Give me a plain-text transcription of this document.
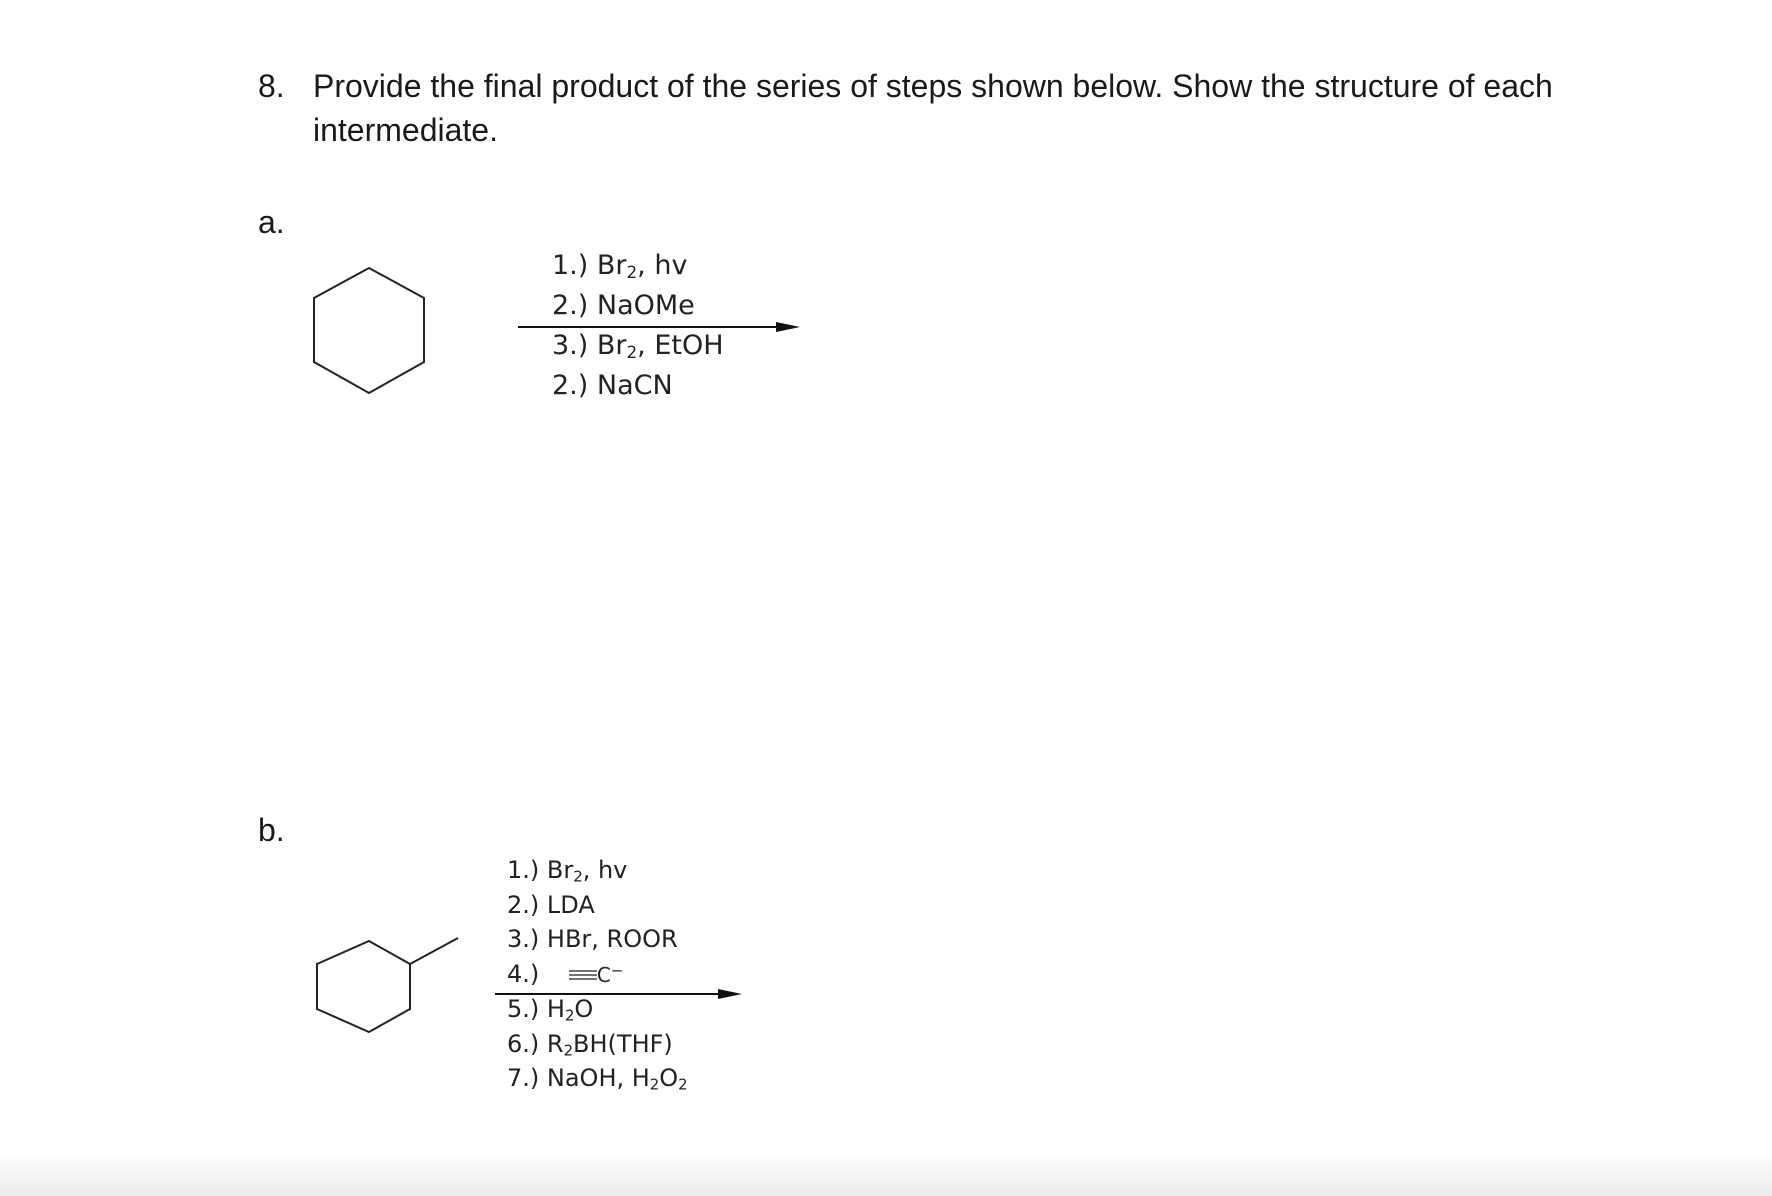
8. Provide the final product of the series of steps shown below. Show the structure of each intermediate.
a.
1.) $Br_2$, hv
2.) NaOMe
3.) $Br_2$, EtOH
2.) NaCN
b.
1.) $Br_2$, hv
2.) LDA
3.) HBr, ROOR
4.)	C−
5.) $H_2O$
6.) $R_2BH(THF)$
7.) NaOH, $H_2O_2$
